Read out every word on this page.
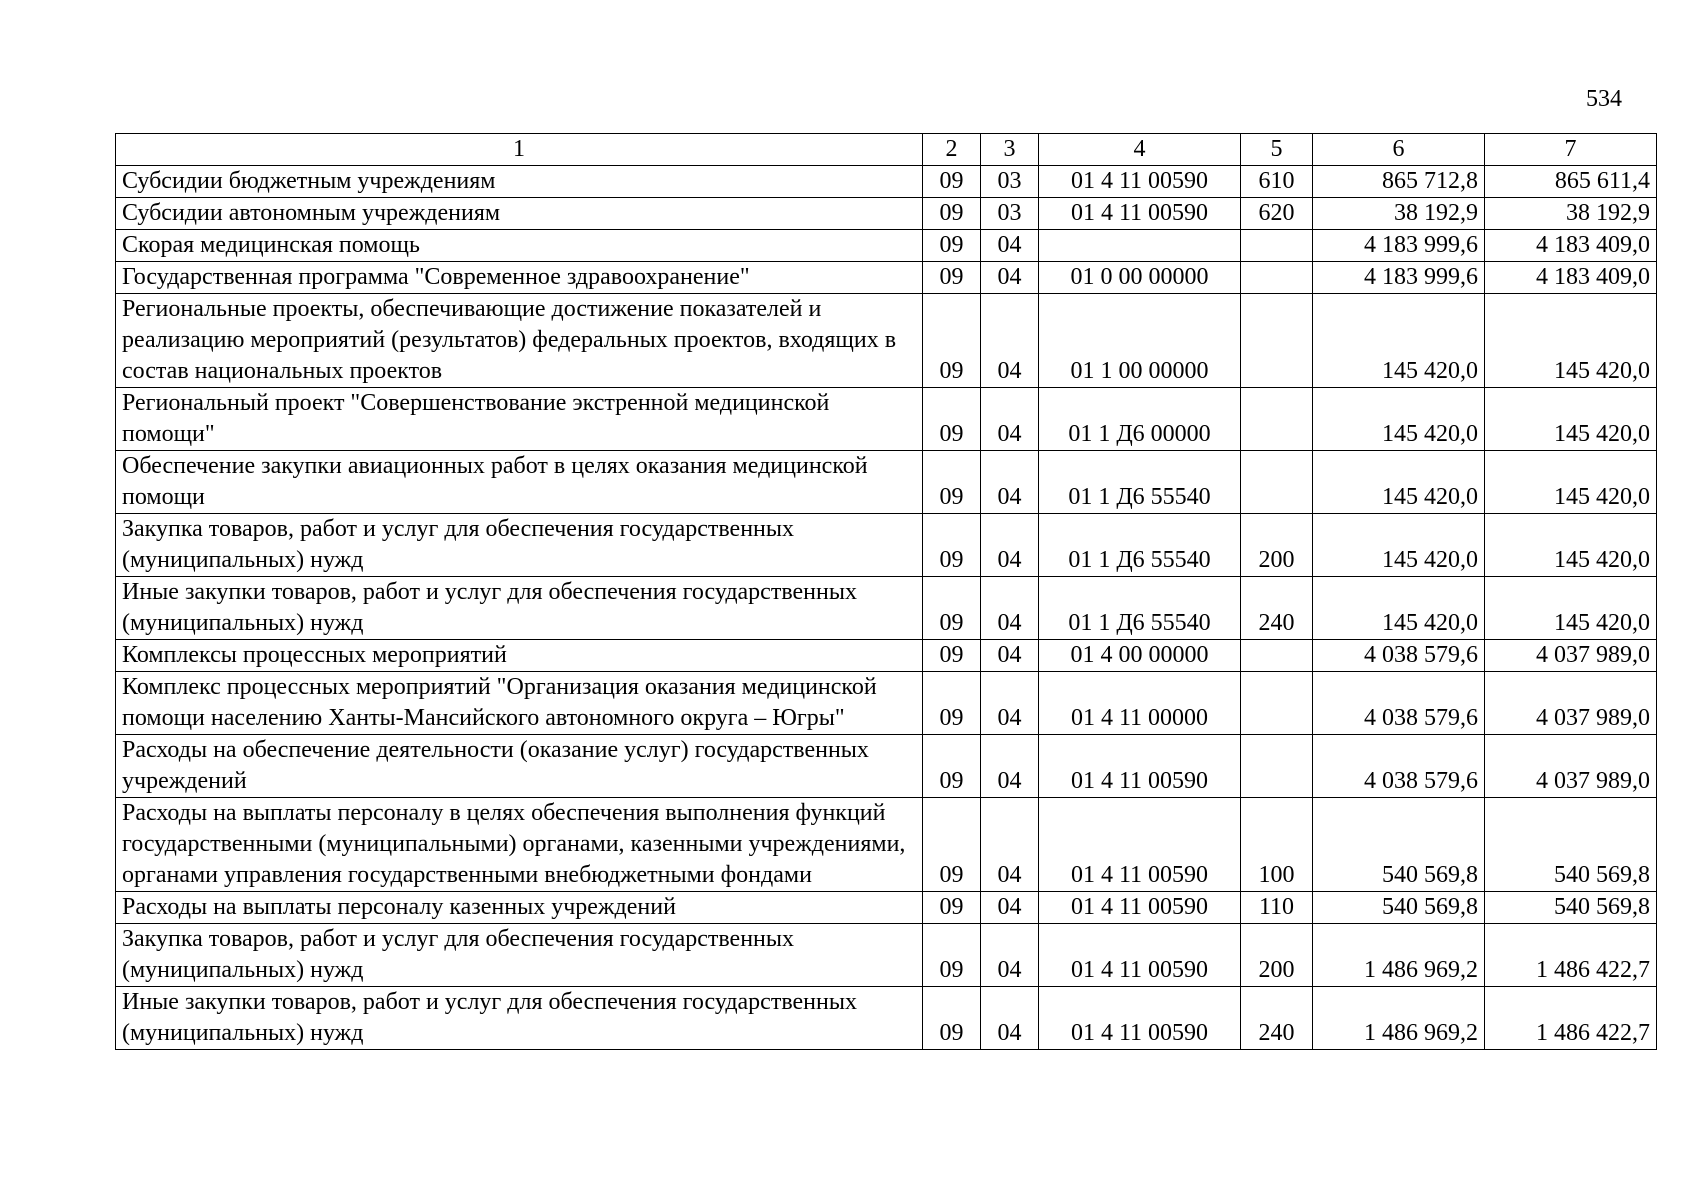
534
1	2	3	4	5	6	7
Субсидии бюджетным учреждениям	09	03	01 4 11 00590	610	865 712,8	865 611,4
Субсидии автономным учреждениям	09	03	01 4 11 00590	620	38 192,9	38 192,9
Скорая медицинская помощь	09	04			4 183 999,6	4 183 409,0
Государственная программа "Современное здравоохранение"	09	04	01 0 00 00000		4 183 999,6	4 183 409,0
Региональные проекты, обеспечивающие достижение показателей и реализацию мероприятий (результатов) федеральных проектов, входящих в состав национальных проектов	09	04	01 1 00 00000		145 420,0	145 420,0
Региональный проект "Совершенствование экстренной медицинской помощи"	09	04	01 1 Д6 00000		145 420,0	145 420,0
Обеспечение закупки авиационных работ в целях оказания медицинской помощи	09	04	01 1 Д6 55540		145 420,0	145 420,0
Закупка товаров, работ и услуг для обеспечения государственных (муниципальных) нужд	09	04	01 1 Д6 55540	200	145 420,0	145 420,0
Иные закупки товаров, работ и услуг для обеспечения государственных (муниципальных) нужд	09	04	01 1 Д6 55540	240	145 420,0	145 420,0
Комплексы процессных мероприятий	09	04	01 4 00 00000		4 038 579,6	4 037 989,0
Комплекс процессных мероприятий "Организация оказания медицинской помощи населению Ханты-Мансийского автономного округа – Югры"	09	04	01 4 11 00000		4 038 579,6	4 037 989,0
Расходы на обеспечение деятельности (оказание услуг) государственных учреждений	09	04	01 4 11 00590		4 038 579,6	4 037 989,0
Расходы на выплаты персоналу в целях обеспечения выполнения функций государственными (муниципальными) органами, казенными учреждениями, органами управления государственными внебюджетными фондами	09	04	01 4 11 00590	100	540 569,8	540 569,8
Расходы на выплаты персоналу казенных учреждений	09	04	01 4 11 00590	110	540 569,8	540 569,8
Закупка товаров, работ и услуг для обеспечения государственных (муниципальных) нужд	09	04	01 4 11 00590	200	1 486 969,2	1 486 422,7
Иные закупки товаров, работ и услуг для обеспечения государственных (муниципальных) нужд	09	04	01 4 11 00590	240	1 486 969,2	1 486 422,7
